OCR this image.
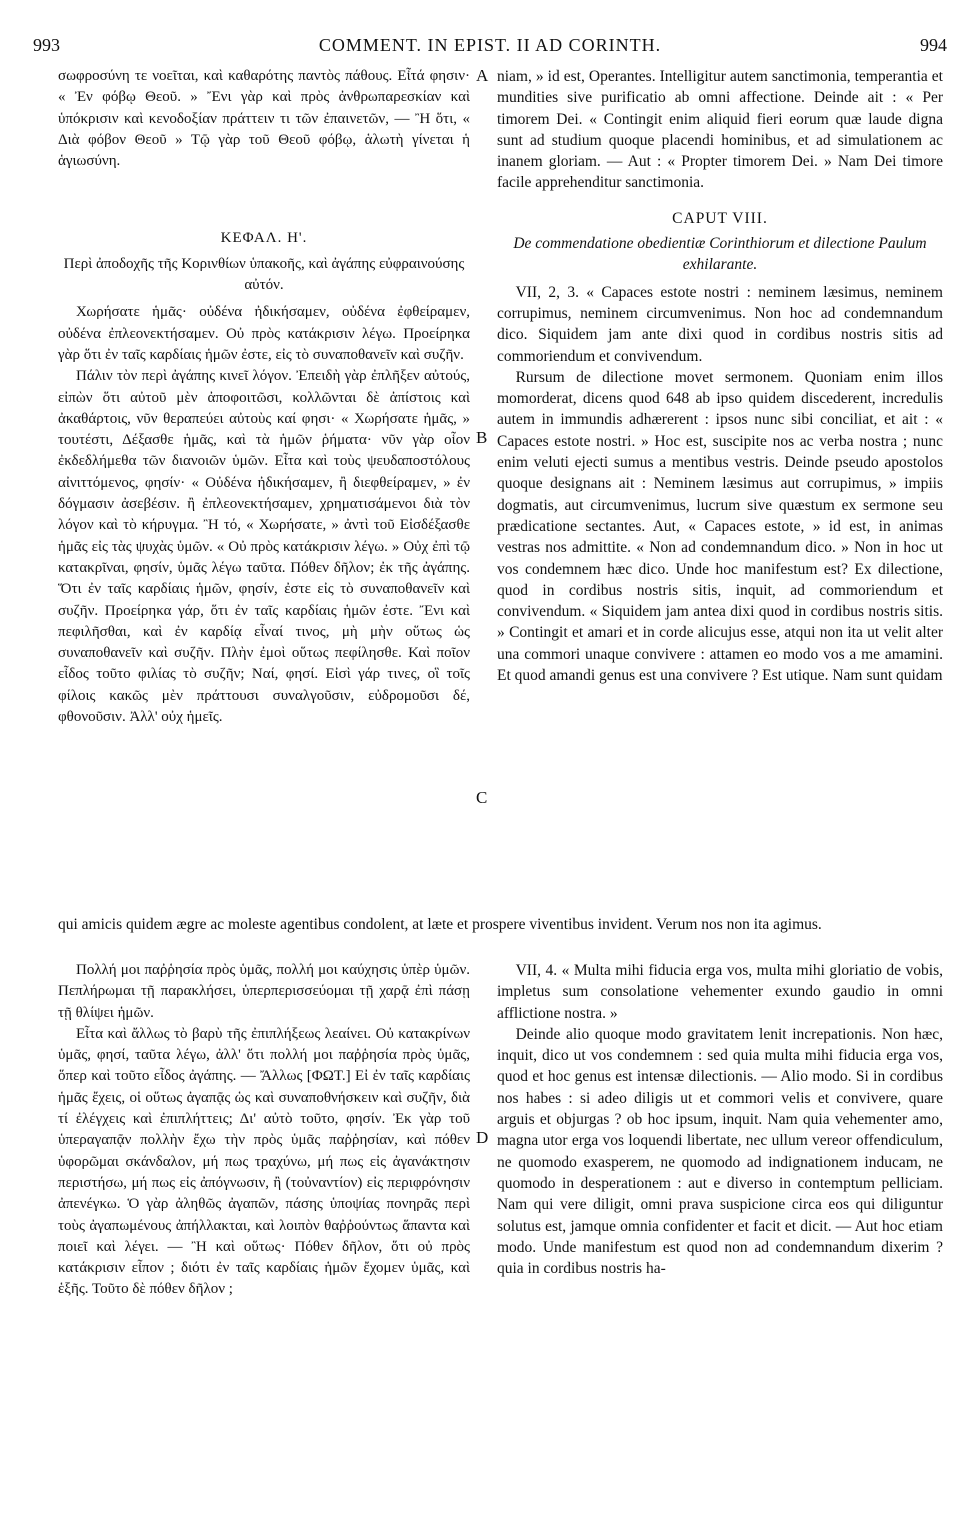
993	COMMENT. IN EPIST. II AD CORINTH.	994
A
B
C
D

σωφροσύνη τε νοεῖται, καὶ καθαρότης παντὸς πάθους. Εἶτά φησιν· « Ἐν φόβῳ Θεοῦ. » Ἔνι γὰρ καὶ πρὸς ἀνθρωπαρεσκίαν καὶ ὑπόκρισιν καὶ κενοδοξίαν πράττειν τι τῶν ἐπαινετῶν, — Ἢ ὅτι, « Διὰ φόβον Θεοῦ » Τῷ γὰρ τοῦ Θεοῦ φόβῳ, ἁλωτὴ γίνεται ἡ ἁγιωσύνη.

ΚΕΦΑΛ. Η'.

Περὶ ἀποδοχῆς τῆς Κορινθίων ὑπακοῆς, καὶ ἀγάπης εὐφραινούσης αὐτόν.

Χωρήσατε ἡμᾶς· οὐδένα ἠδικήσαμεν, οὐδένα ἐφθείραμεν, οὐδένα ἐπλεονεκτήσαμεν. Οὐ πρὸς κατάκρισιν λέγω. Προείρηκα γὰρ ὅτι ἐν ταῖς καρδίαις ἡμῶν ἐστε, εἰς τὸ συναποθανεῖν καὶ συζῆν.

Πάλιν τὸν περὶ ἀγάπης κινεῖ λόγον. Ἐπειδὴ γὰρ ἐπλῆξεν αὐτούς, εἰπὼν ὅτι αὐτοῦ μὲν ἀποφοιτῶσι, κολλῶνται δὲ ἀπίστοις καὶ ἀκαθάρτοις, νῦν θεραπεύει αὐτοὺς καί φησι· « Χωρήσατε ἡμᾶς, » τουτέστι, Δέξασθε ἡμᾶς, καὶ τὰ ἡμῶν ῥήματα· νῦν γὰρ οἷον ἐκδεδλήμεθα τῶν διανοιῶν ὑμῶν. Εἶτα καὶ τοὺς ψευδαποστόλους αἰνιττόμενος, φησίν· « Οὐδένα ἠδικήσαμεν, ἢ διεφθείραμεν, » ἐν δόγμασιν ἀσεβέσιν. ἢ ἐπλεονεκτήσαμεν, χρηματισάμενοι διὰ τὸν λόγον καὶ τὸ κήρυγμα. Ἢ τό, « Χωρήσατε, » ἀντὶ τοῦ Εἰσδέξασθε ἡμᾶς εἰς τὰς ψυχὰς ὑμῶν. « Οὐ πρὸς κατάκρισιν λέγω. » Οὐχ ἐπὶ τῷ κατακρῖναι, φησίν, ὑμᾶς λέγω ταῦτα. Πόθεν δῆλον; ἐκ τῆς ἀγάπης. Ὅτι ἐν ταῖς καρδίαις ἡμῶν, φησίν, ἐστε εἰς τὸ συναποθανεῖν καὶ συζῆν. Προείρηκα γάρ, ὅτι ἐν ταῖς καρδίαις ἡμῶν ἐστε. Ἔνι καὶ πεφιλῆσθαι, καὶ ἐν καρδίᾳ εἶναί τινος, μὴ μὴν οὕτως ὡς συναποθανεῖν καὶ συζῆν. Πλὴν ἐμοὶ οὕτως πεφίλησθε. Καὶ ποῖον εἶδος τοῦτο φιλίας τὸ συζῆν; Ναί, φησί. Εἰσὶ γάρ τινες, οἳ τοῖς φίλοις κακῶς μὲν πράττουσι συναλγοῦσιν, εὐδρομοῦσι δέ, φθονοῦσιν. Ἀλλ' οὐχ ἡμεῖς.

niam, » id est, Operantes. Intelligitur autem sanctimonia, temperantia et mundities sive purificatio ab omni affectione. Deinde ait : « Per timorem Dei. « Contingit enim aliquid fieri eorum quæ laude digna sunt ad studium quoque placendi hominibus, et ad simulationem ac inanem gloriam. — Aut : « Propter timorem Dei. » Nam Dei timore facile apprehenditur sanctimonia.

CAPUT VIII.

De commendatione obedientiæ Corinthiorum et dilectione Paulum exhilarante.

VII, 2, 3. « Capaces estote nostri : neminem læsimus, neminem corrupimus, neminem circumvenimus. Non hoc ad condemnandum dico. Siquidem jam ante dixi quod in cordibus nostris sitis ad commoriendum et convivendum.

Rursum de dilectione movet sermonem. Quoniam enim illos momorderat, dicens quod 648 ab ipso quidem discederent, incredulis autem in immundis adhærerent : ipsos nunc sibi conciliat, et ait : « Capaces estote nostri. » Hoc est, suscipite nos ac verba nostra ; nunc enim veluti ejecti sumus a mentibus vestris. Deinde pseudo apostolos quoque designans ait : Neminem læsimus aut corrupimus, » impiis dogmatis, aut circumvenimus, lucrum sive quæstum ex sermone seu prædicatione sectantes. Aut, « Capaces estote, » id est, in animas vestras nos admittite. « Non ad condemnandum dico. » Non in hoc ut vos condemnem hæc dico. Unde hoc manifestum est? Ex dilectione, quod in cordibus nostris sitis, inquit, ad commoriendum et convivendum. « Siquidem jam antea dixi quod in cordibus nostris sitis. » Contingit et amari et in corde alicujus esse, atqui non ita ut velit alter una commori unaque convivere : attamen eo modo vos a me amamini. Et quod amandi genus est una convivere ? Est utique. Nam sunt quidam

qui amicis quidem ægre ac moleste agentibus condolent, at læte et prospere viventibus invident. Verum nos non ita agimus.

Πολλή μοι παῤῥησία πρὸς ὑμᾶς, πολλή μοι καύχησις ὑπὲρ ὑμῶν. Πεπλήρωμαι τῇ παρακλήσει, ὑπερπερισσεύομαι τῇ χαρᾷ ἐπὶ πάσῃ τῇ θλίψει ἡμῶν.

Εἶτα καὶ ἄλλως τὸ βαρὺ τῆς ἐπιπλήξεως λεαίνει. Οὐ κατακρίνων ὑμᾶς, φησί, ταῦτα λέγω, ἀλλ' ὅτι πολλή μοι παῤῥησία πρὸς ὑμᾶς, ὅπερ καὶ τοῦτο εἶδος ἀγάπης. — Ἄλλως [ΦΩΤ.] Εἰ ἐν ταῖς καρδίαις ἡμᾶς ἔχεις, οἱ οὕτως ἀγαπᾷς ὡς καὶ συναποθνήσκειν καὶ συζῆν, διὰ τί ἐλέγχεις καὶ ἐπιπλήττεις; Δι' αὐτὸ τοῦτο, φησίν. Ἐκ γὰρ τοῦ ὑπεραγαπᾷν πολλὴν ἔχω τὴν πρὸς ὑμᾶς παῤῥησίαν, καὶ πόθεν ὑφορῶμαι σκάνδαλον, μή πως τραχύνω, μή πως εἰς ἀγανάκτησιν περιστήσω, μή πως εἰς ἀπόγνωσιν, ἢ (τοὐναντίον) εἰς περιφρόνησιν ἀπενέγκω. Ὁ γὰρ ἀληθῶς ἀγαπῶν, πάσης ὑποψίας πονηρᾶς περὶ τοὺς ἀγαπωμένους ἀπήλλακται, καὶ λοιπὸν θαῤῥούντως ἅπαντα καὶ ποιεῖ καὶ λέγει. — Ἢ καὶ οὕτως· Πόθεν δῆλον, ὅτι οὐ πρὸς κατάκρισιν εἶπον ; διότι ἐν ταῖς καρδίαις ἡμῶν ἔχομεν ὑμᾶς, καὶ ἑξῆς. Τοῦτο δὲ πόθεν δῆλον ;

VII, 4. « Multa mihi fiducia erga vos, multa mihi gloriatio de vobis, impletus sum consolatione vehementer exundo gaudio in omni afflictione nostra. »

Deinde alio quoque modo gravitatem lenit increpationis. Non hæc, inquit, dico ut vos condemnem : sed quia multa mihi fiducia erga vos, quod et hoc genus est intensæ dilectionis. — Alio modo. Si in cordibus nos habes : si adeo diligis ut et commori velis et convivere, quare arguis et objurgas ? ob hoc ipsum, inquit. Nam quia vehementer amo, magna utor erga vos loquendi libertate, nec ullum vereor offendiculum, ne quomodo exasperem, ne quomodo ad indignationem inducam, ne quomodo in desperationem : aut e diverso in contemptum pelliciam. Nam qui vere diligit, omni prava suspicione circa eos qui diliguntur solutus est, jamque omnia confidenter et facit et dicit. — Aut hoc etiam modo. Unde manifestum est quod non ad condemnandum dixerim ? quia in cordibus nostris ha-
